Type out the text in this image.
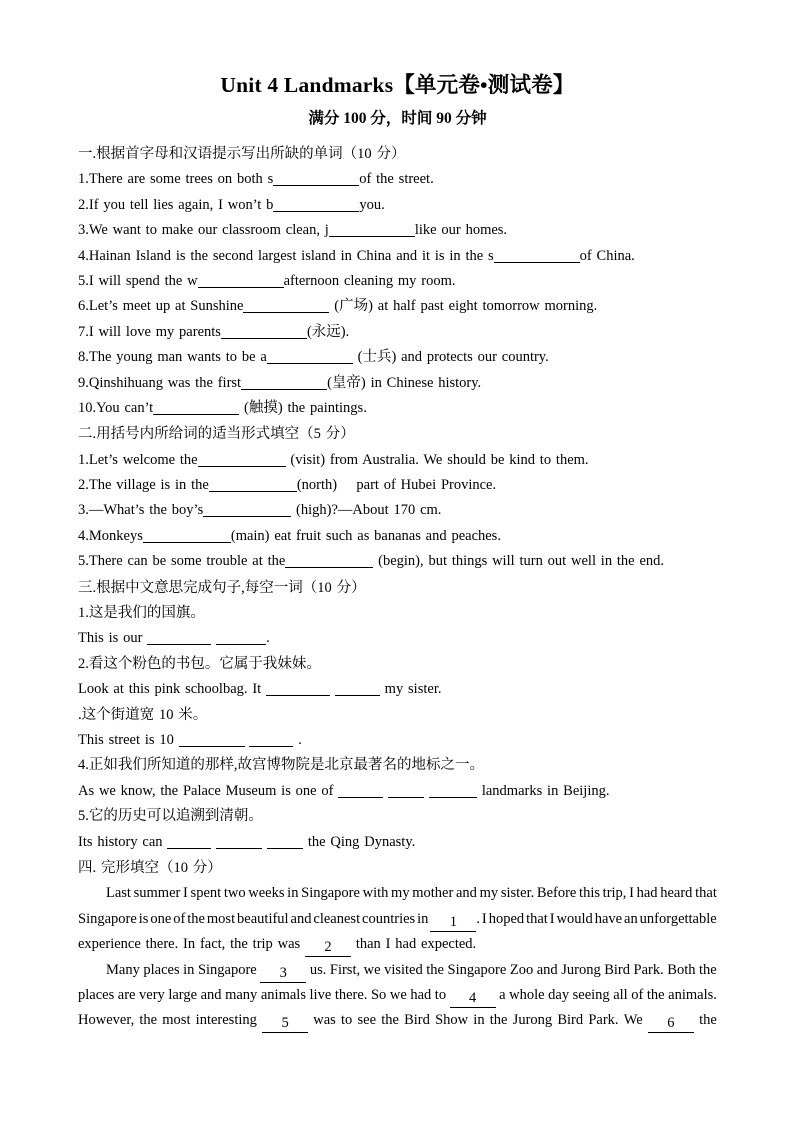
Unit 4 Landmarks【单元卷•测试卷】
满分 100 分，时间 90 分钟
一.根据首字母和汉语提示写出所缺的单词（10 分）
1.There are some trees on both s	of the street.
2.If you tell lies again, I won’t b	you.
3.We want to make our classroom clean, j	like our homes.
4.Hainan Island is the second largest island in China and it is in the s	of China.
5.I will spend the w	afternoon cleaning my room.
6.Let’s meet up at Sunshine	(广场) at half past eight tomorrow morning.
7.I will love my parents	(永远).
8.The young man wants to be a	(士兵) and protects our country.
9.Qinshihuang was the first	(皇帝) in Chinese history.
10.You can’t	(触摸) the paintings.
二.用括号内所给词的适当形式填空（5 分）
1.Let’s welcome the	(visit) from Australia. We should be kind to them.
2.The village is in the	(north)    part of Hubei Province.
3.—What’s the boy’s	(high)?—About 170 cm.
4.Monkeys	(main) eat fruit such as bananas and peaches.
5.There can be some trouble at the	(begin), but things will turn out well in the end.
三.根据中文意思完成句子,每空一词（10 分）
1.这是我们的国旗。
This is our	.
2.看这个粉色的书包。它属于我妹妹。
Look at this pink schoolbag. It	my sister.
.这个街道宽 10 米。
This street is 10	.
4.正如我们所知道的那样,故宫博物院是北京最著名的地标之一。
As we know, the Palace Museum is one of	landmarks in Beijing.
5.它的历史可以追溯到清朝。
Its history can	the Qing Dynasty.
四. 完形填空（10 分）
Last summer I spent two weeks in Singapore with my mother and my sister. Before this trip, I had heard that
Singapore is one of the most beautiful and cleanest countries in	1 . I hoped that I would have an unforgettable
experience there. In fact, the trip was 2 than I had expected.
Many places in Singapore	3	us. First, we visited the Singapore Zoo and Jurong Bird Park. Both the
places are very large and many animals live there. So we had to	4	a whole day seeing all of the animals.
However, the most interesting	5	was to see the Bird Show in the Jurong Bird Park. We	6	the
